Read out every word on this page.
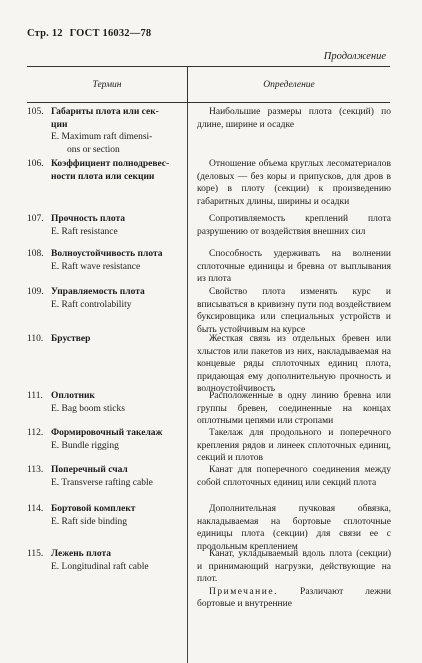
Стр. 12 ГОСТ 16032—78
Продолжение
Термин	Определение
105. Габариты плота или сек-
ции
E. Maximum raft dimensi-
ons or section
Наибольшие размеры плота (секций) по длине, ширине и осадке
106. Коэффициент полнодревес-
ности плота или секции
Отношение объема круглых лесоматериалов (деловых — без коры и припусков, для дров в коре) в плоту (секции) к произведению габаритных длины, ширины и осадки
107. Прочность плота
E. Raft resistance
Сопротивляемость креплений плота разрушению от воздействия внешних сил
108. Волноустойчивость плота
E. Raft wave resistance
Способность удерживать на волнении сплоточные единицы и бревна от выплывания из плота
109. Управляемость плота
E. Raft controlability
Свойство плота изменять курс и вписываться в кривизну пути под воздействием буксировщика или специальных устройств и быть устойчивым на курсе
110. Бруствер	Жесткая связь из отдельных бревен или хлыстов или пакетов из них, накладываемая на концевые ряды сплоточных единиц плота, придающая ему дополнительную прочность и волноустойчивость
111. Оплотник
E. Bag boom sticks
Расположенные в одну линию бревна или группы бревен, соединенные на концах оплотными цепями или стропами
112. Формировочный такелаж
E. Bundle rigging
Такелаж для продольного и поперечного крепления рядов и линеек сплоточных единиц, секций и плотов
113. Поперечный счал
E. Transverse rafting cable
Канат для поперечного соединения между собой сплоточных единиц или секций плота
114. Бортовой комплект
E. Raft side binding
Дополнительная пучковая обвязка, накладываемая на бортовые сплоточные единицы плота (секции) для связи ее с продольным креплением
115. Лежень плота
E. Longitudinal raft cable
Канат, укладываемый вдоль плота (секции) и принимающий нагрузки, действующие на плот.
Примечание. Различают лежни бортовые и внутренние
